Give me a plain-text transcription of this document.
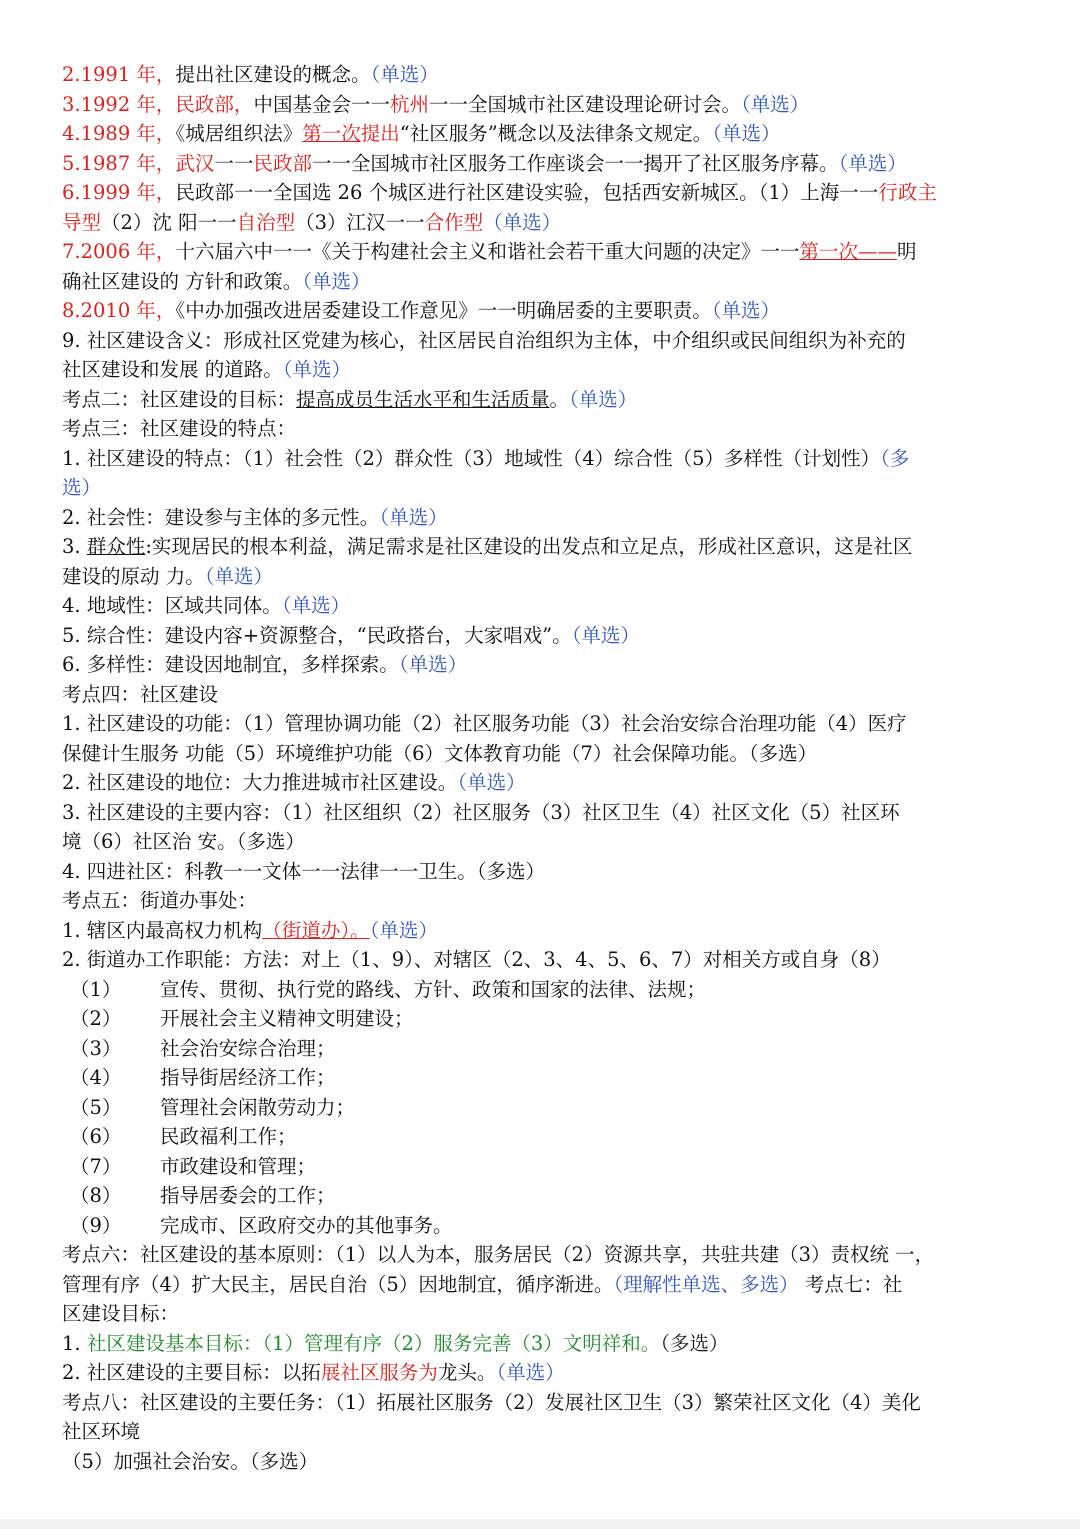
2.1991 年，提出社区建设的概念。（单选）
3.1992 年，民政部，中国基金会一一杭州一一全国城市社区建设理论研讨会。（单选）
4.1989 年，《城居组织法》第一次提出“社区服务”概念以及法律条文规定。（单选）
5.1987 年，武汉一一民政部一一全国城市社区服务工作座谈会一一揭开了社区服务序幕。（单选）
6.1999 年，民政部一一全国选 26 个城区进行社区建设实验，包括西安新城区。（1）上海一一行政主
导型（2）沈 阳一一自治型（3）江汉一一合作型（单选）
7.2006 年，十六届六中一一《关于构建社会主义和谐社会若干重大问题的决定》一一第一次——明
确社区建设的 方针和政策。（单选）
8.2010 年，《中办加强改进居委建设工作意见》一一明确居委的主要职责。（单选）
9. 社区建设含义：形成社区党建为核心，社区居民自治组织为主体，中介组织或民间组织为补充的
社区建设和发展 的道路。（单选）
考点二：社区建设的目标：提高成员生活水平和生活质量。（单选）
考点三：社区建设的特点：
1. 社区建设的特点：（1）社会性（2）群众性（3）地域性（4）综合性（5）多样性（计划性）（多
选）
2. 社会性：建设参与主体的多元性。（单选）
3. 群众性:实现居民的根本利益，满足需求是社区建设的出发点和立足点，形成社区意识，这是社区
建设的原动 力。（单选）
4. 地域性：区域共同体。（单选）
5. 综合性：建设内容+资源整合，“民政搭台，大家唱戏”。（单选）
6. 多样性：建设因地制宜，多样探索。（单选）
考点四：社区建设
1. 社区建设的功能：（1）管理协调功能（2）社区服务功能（3）社会治安综合治理功能（4）医疗
保健计生服务 功能（5）环境维护功能（6）文体教育功能（7）社会保障功能。（多选）
2. 社区建设的地位：大力推进城市社区建设。（单选）
3. 社区建设的主要内容：（1）社区组织（2）社区服务（3）社区卫生（4）社区文化（5）社区环
境（6）社区治 安。（多选）
4. 四进社区：科教一一文体一一法律一一卫生。（多选）
考点五：街道办事处：
1. 辖区内最高权力机构（街道办）。（单选）
2. 街道办工作职能：方法：对上（1、9）、对辖区（2、3、4、5、6、7）对相关方或自身（8）
（1） 宣传、贯彻、执行党的路线、方针、政策和国家的法律、法规；
（2） 开展社会主义精神文明建设；
（3） 社会治安综合治理；
（4） 指导街居经济工作；
（5） 管理社会闲散劳动力；
（6） 民政福利工作；
（7） 市政建设和管理；
（8） 指导居委会的工作；
（9） 完成市、区政府交办的其他事务。
考点六：社区建设的基本原则：（1）以人为本，服务居民（2）资源共享，共驻共建（3）责权统 一，
管理有序（4）扩大民主，居民自治（5）因地制宜，循序渐进。（理解性单选、多选） 考点七：社
区建设目标：
1. 社区建设基本目标：（1）管理有序（2）服务完善（3）文明祥和。（多选）
2. 社区建设的主要目标：以拓展社区服务为龙头。（单选）
考点八：社区建设的主要任务：（1）拓展社区服务（2）发展社区卫生（3）繁荣社区文化（4）美化
社区环境
（5）加强社会治安。（多选）
